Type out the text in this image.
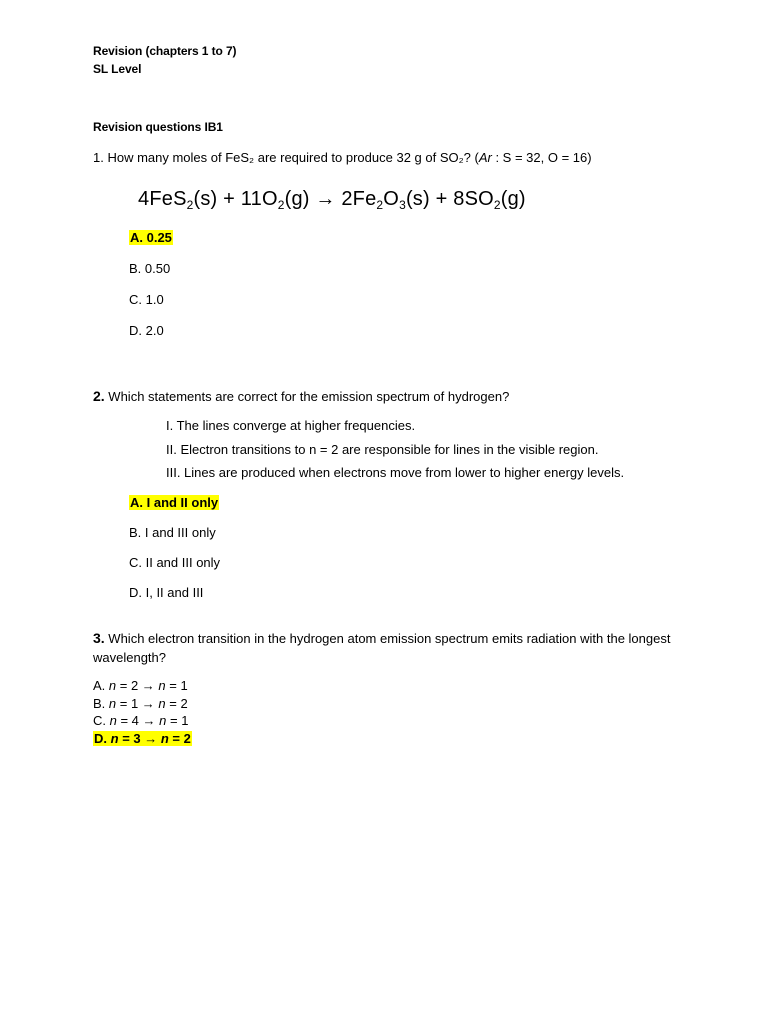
Revision (chapters 1 to 7)
SL Level
Revision questions IB1
1. How many moles of FeS₂ are required to produce 32 g of SO₂? (Ar : S = 32, O = 16)
$4FeS_2(s) + 11O_2(g) \to 2Fe_2O_3(s) + 8SO_2(g)$
A. 0.25
B. 0.50
C. 1.0
D. 2.0
2. Which statements are correct for the emission spectrum of hydrogen?
I. The lines converge at higher frequencies.
II. Electron transitions to n = 2 are responsible for lines in the visible region.
III. Lines are produced when electrons move from lower to higher energy levels.
A. I and II only
B. I and III only
C. II and III only
D. I, II and III
3. Which electron transition in the hydrogen atom emission spectrum emits radiation with the longest wavelength?
A. n = 2 → n = 1
B. n = 1 → n = 2
C. n = 4 → n = 1
D. n = 3 → n = 2
